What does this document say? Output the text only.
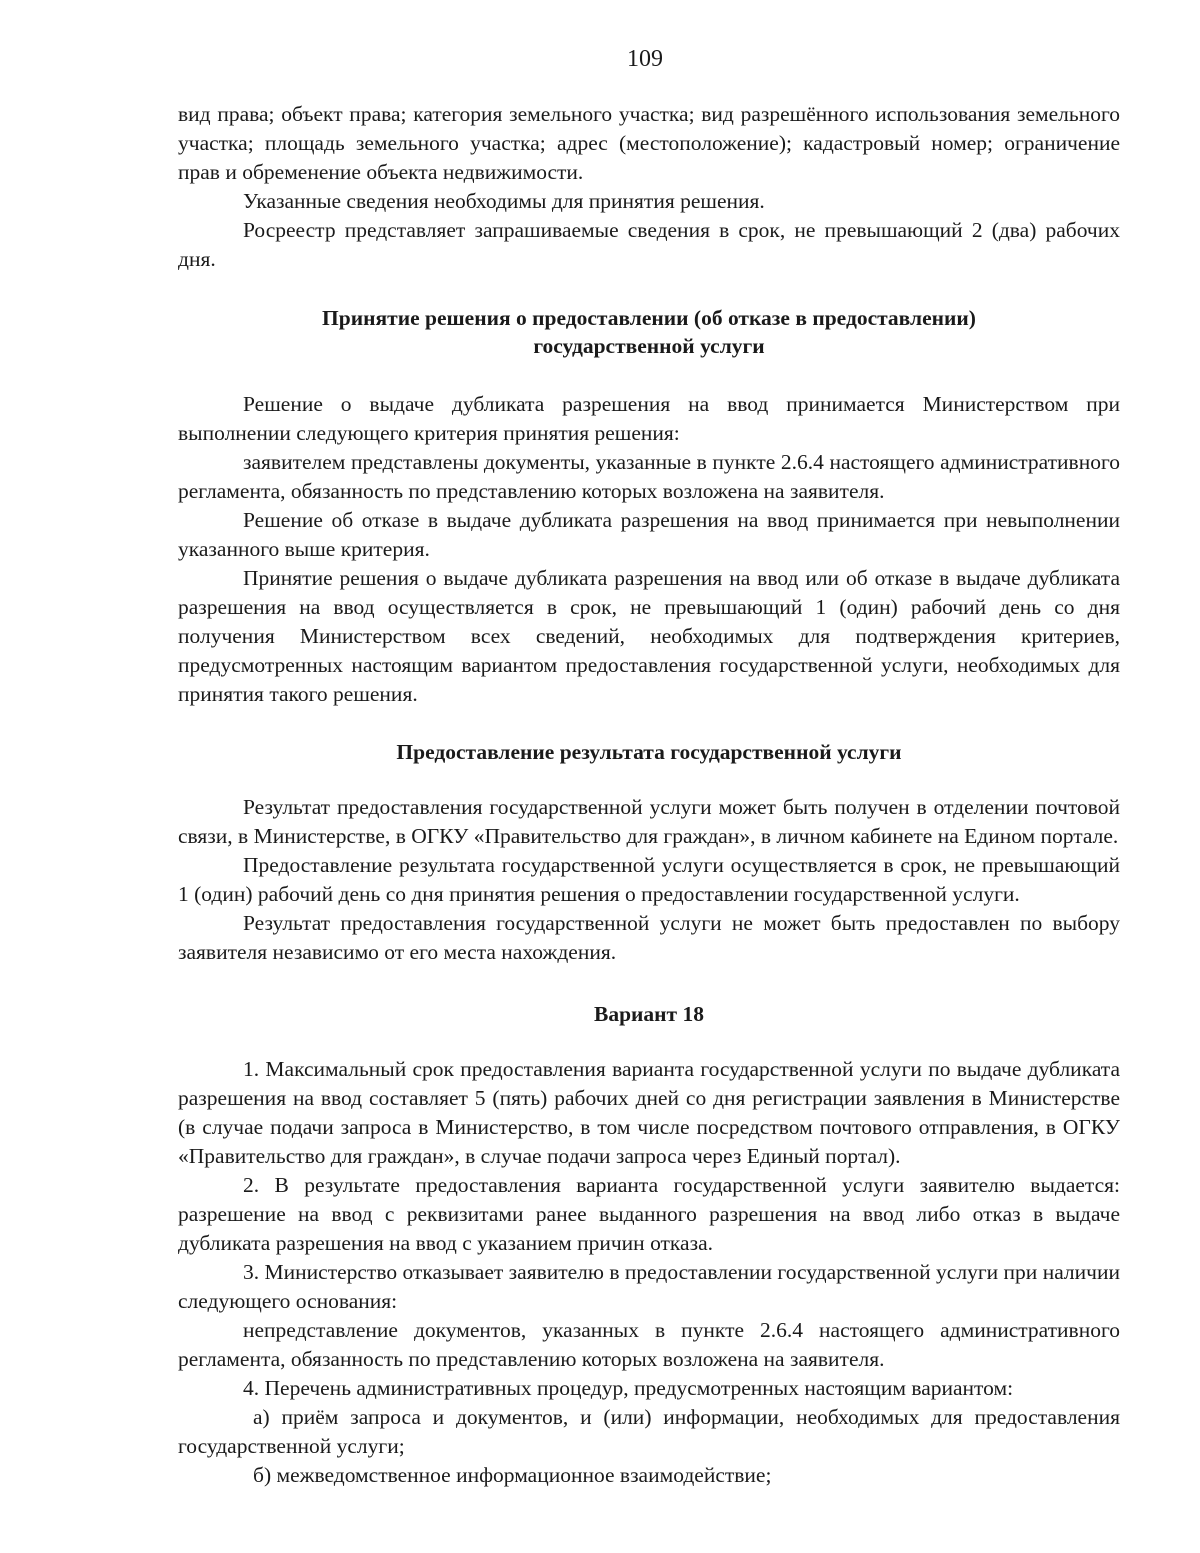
109

вид права; объект права; категория земельного участка; вид разрешённого использования земельного участка; площадь земельного участка; адрес (местоположение); кадастровый номер; ограничение прав и обременение объекта недвижимости.

Указанные сведения необходимы для принятия решения.

Росреестр представляет запрашиваемые сведения в срок, не превышающий 2 (два) рабочих дня.

Принятие решения о предоставлении (об отказе в предоставлении)
государственной услуги

Решение о выдаче дубликата разрешения на ввод принимается Министерством при выполнении следующего критерия принятия решения:

заявителем представлены документы, указанные в пункте 2.6.4 настоящего административного регламента, обязанность по представлению которых возложена на заявителя.

Решение об отказе в выдаче дубликата разрешения на ввод принимается при невыполнении указанного выше критерия.

Принятие решения о выдаче дубликата разрешения на ввод или об отказе в выдаче дубликата разрешения на ввод осуществляется в срок, не превышающий 1 (один) рабочий день со дня получения Министерством всех сведений, необходимых для подтверждения критериев, предусмотренных настоящим вариантом предоставления государственной услуги, необходимых для принятия такого решения.

Предоставление результата государственной услуги

Результат предоставления государственной услуги может быть получен в отделении почтовой связи, в Министерстве, в ОГКУ «Правительство для граждан», в личном кабинете на Едином портале.

Предоставление результата государственной услуги осуществляется в срок, не превышающий 1 (один) рабочий день со дня принятия решения о предоставлении государственной услуги.

Результат предоставления государственной услуги не может быть предоставлен по выбору заявителя независимо от его места нахождения.

Вариант 18

1. Максимальный срок предоставления варианта государственной услуги по выдаче дубликата разрешения на ввод составляет 5 (пять) рабочих дней со дня регистрации заявления в Министерстве (в случае подачи запроса в Министерство, в том числе посредством почтового отправления, в ОГКУ «Правительство для граждан», в случае подачи запроса через Единый портал).

2. В результате предоставления варианта государственной услуги заявителю выдается: разрешение на ввод с реквизитами ранее выданного разрешения на ввод либо отказ в выдаче дубликата разрешения на ввод с указанием причин отказа.

3. Министерство отказывает заявителю в предоставлении государственной услуги при наличии следующего основания:

непредставление документов, указанных в пункте 2.6.4 настоящего административного регламента, обязанность по представлению которых возложена на заявителя.

4. Перечень административных процедур, предусмотренных настоящим вариантом:

а) приём запроса и документов, и (или) информации, необходимых для предоставления государственной услуги;

б) межведомственное информационное взаимодействие;
